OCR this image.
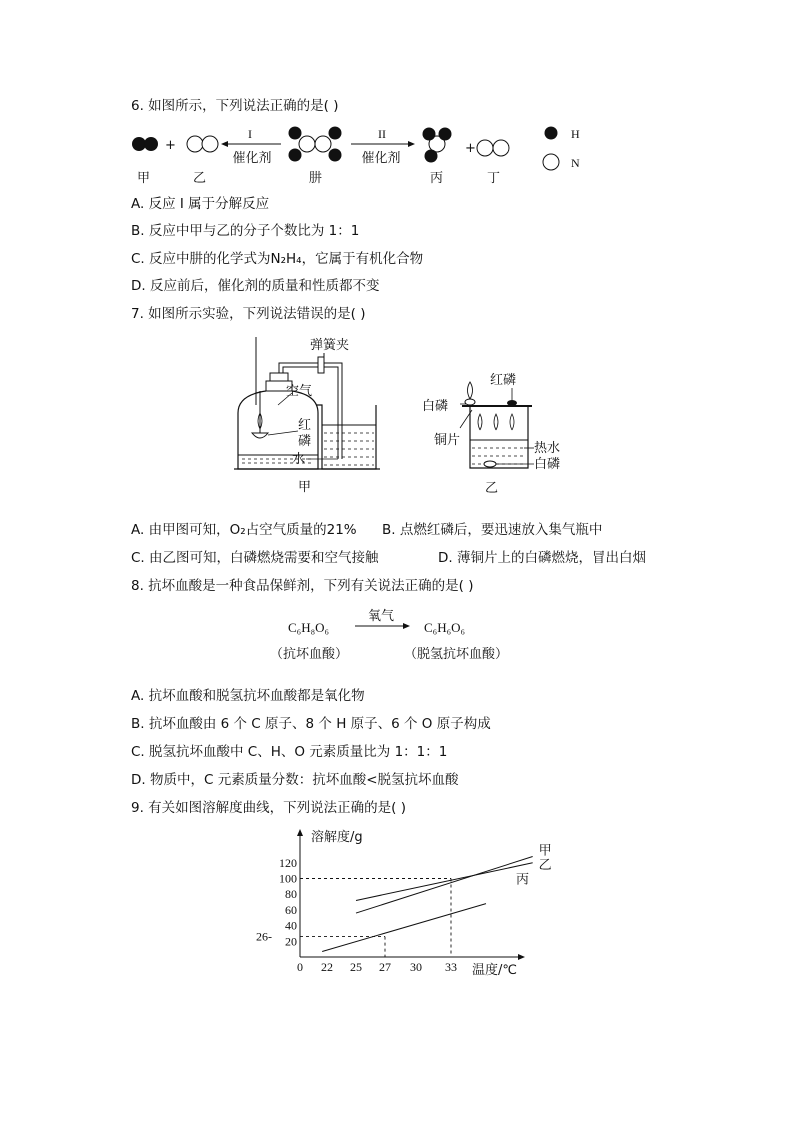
6. 如图所示，下列说法正确的是( )
+
I
催化剂
II
催化剂
+
H
N
甲	乙	肼	丙	丁
A. 反应 I 属于分解反应
B. 反应中甲与乙的分子个数比为 1：1
C. 反应中肼的化学式为N₂H₄，它属于有机化合物
D. 反应前后，催化剂的质量和性质都不变
7. 如图所示实验，下列说法错误的是( )
弹簧夹
空气
红
磷
水
甲
红磷
白磷
铜片
热水
白磷
乙
A. 由甲图可知，O₂占空气质量的21% B. 点燃红磷后，要迅速放入集气瓶中
C. 由乙图可知，白磷燃烧需要和空气接触	D. 薄铜片上的白磷燃烧，冒出白烟
8. 抗坏血酸是一种食品保鲜剂，下列有关说法正确的是( )
C₆H₈O₆
氧气
C₆H₆O₆
（抗坏血酸）	（脱氢抗坏血酸）
A. 抗坏血酸和脱氢抗坏血酸都是氧化物
B. 抗坏血酸由 6 个 C 原子、8 个 H 原子、6 个 O 原子构成
C. 脱氢抗坏血酸中 C、H、O 元素质量比为 1：1：1
D. 物质中，C 元素质量分数：抗坏血酸<脱氢抗坏血酸
9. 有关如图溶解度曲线，下列说法正确的是( )
溶解度/g
温度/℃
0
20
40
60
80
100
120
26-
22 25 27 30 33
甲
乙
丙
